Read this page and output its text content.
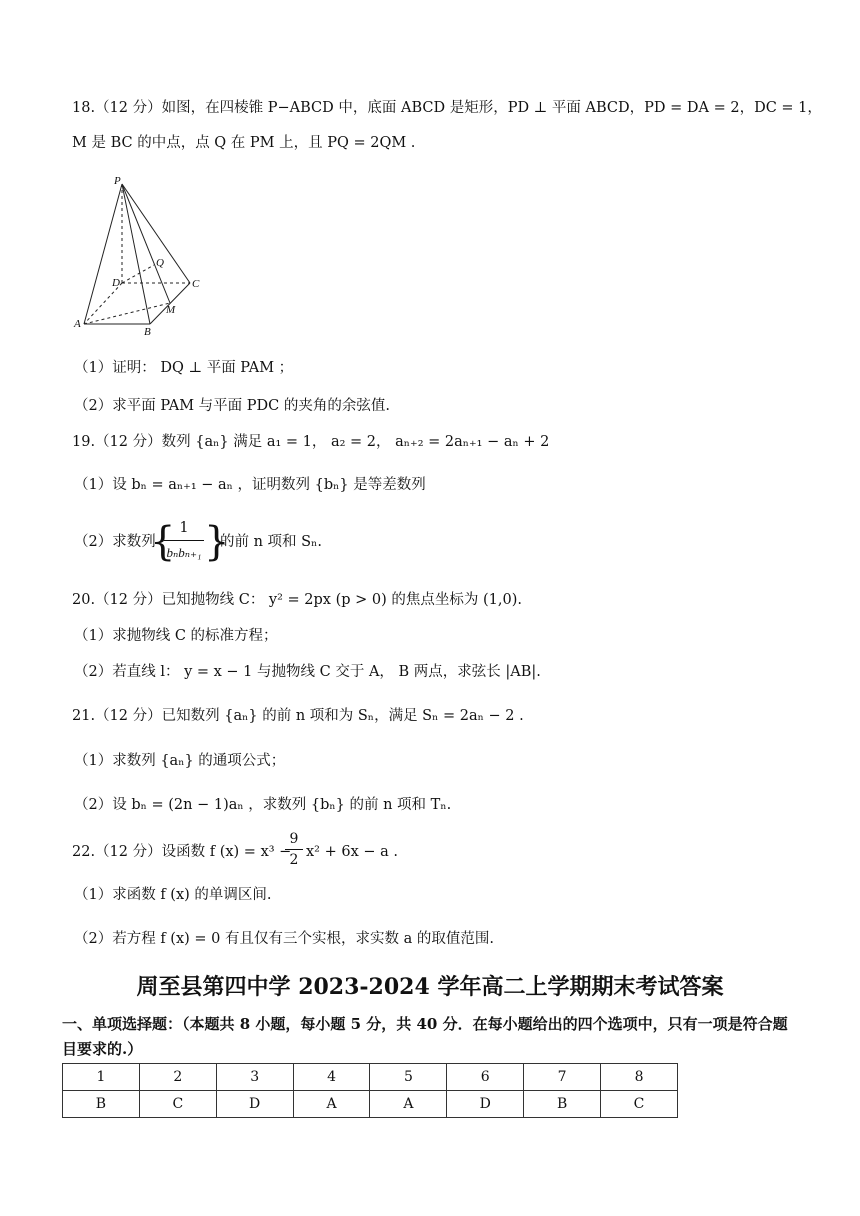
18.（12 分）如图，在四棱锥 P−ABCD 中，底面 ABCD 是矩形，PD ⊥ 平面 ABCD，PD = DA = 2，DC = 1，
M 是 BC 的中点，点 Q 在 PM 上，且 PQ = 2QM .
P
Q
D	C
A
B
M
（1）证明： DQ ⊥ 平面 PAM ；
（2）求平面 PAM 与平面 PDC 的夹角的余弦值.
19.（12 分）数列 {aₙ} 满足 a₁ = 1， a₂ = 2， aₙ₊₂ = 2aₙ₊₁ − aₙ + 2
（1）设 bₙ = aₙ₊₁ − aₙ ，证明数列 {bₙ} 是等差数列
（2）求数列
{ 1
bₙbₙ₊₁ }
的前 n 项和 Sₙ.
20.（12 分）已知抛物线 C： y² = 2px (p > 0) 的焦点坐标为 (1,0).
（1）求抛物线 C 的标准方程；
（2）若直线 l： y = x − 1 与抛物线 C 交于 A， B 两点，求弦长 |AB|.
21.（12 分）已知数列 {aₙ} 的前 n 项和为 Sₙ，满足 Sₙ = 2aₙ − 2 .
（1）求数列 {aₙ} 的通项公式；
（2）设 bₙ = (2n − 1)aₙ ，求数列 {bₙ} 的前 n 项和 Tₙ.
22.（12 分）设函数 f (x) = x³ −
9
2 x² + 6x − a .
（1）求函数 f (x) 的单调区间.
（2）若方程 f (x) = 0 有且仅有三个实根，求实数 a 的取值范围.
周至县第四中学 2023-2024 学年高二上学期期末考试答案
一、单项选择题：（本题共 8 小题，每小题 5 分，共 40 分．在每小题给出的四个选项中，只有一项是符合题目要求的.）
1	2	3	4	5	6	7	8
B	C	D	A	A	D	B	C
